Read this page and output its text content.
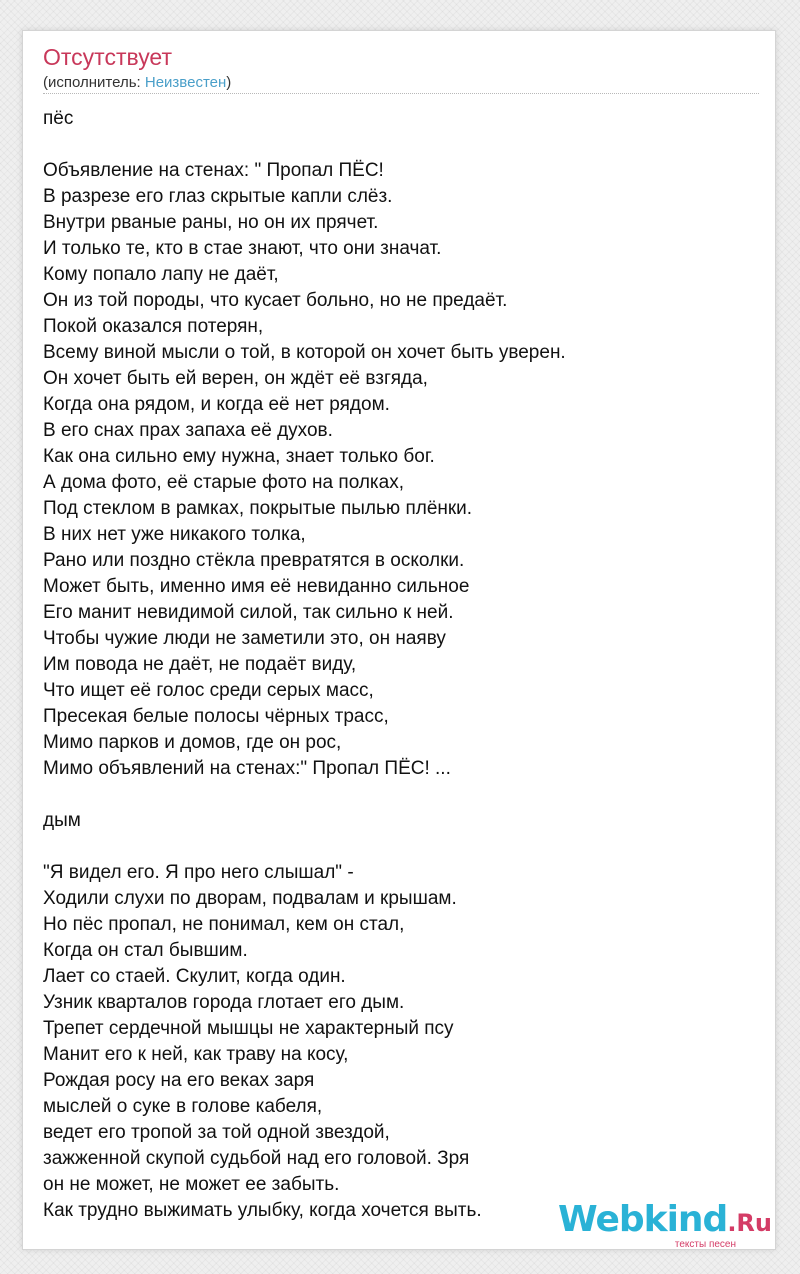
Отсутствует
(исполнитель: Неизвестен)
пёс
Объявление на стенах: " Пропал ПЁС!
В разрезе его глаз скрытые капли слёз.
Внутри рваные раны, но он их прячет.
И только те, кто в стае знают, что они значат.
Кому попало лапу не даёт,
Он из той породы, что кусает больно, но не предаёт.
Покой оказался потерян,
Всему виной мысли о той, в которой он хочет быть уверен.
Он хочет быть ей верен, он ждёт её взгяда,
Когда она рядом, и когда её нет рядом.
В его снах прах запаха её духов.
Как она сильно ему нужна, знает только бог.
А дома фото, её старые фото на полках,
Под стеклом в рамках, покрытые пылью плёнки.
В них нет уже никакого толка,
Рано или поздно стёкла превратятся в осколки.
Может быть, именно имя её невиданно сильное
Его манит невидимой силой, так сильно к ней.
Чтобы чужие люди не заметили это, он наяву
Им повода не даёт, не подаёт виду,
Что ищет её голос среди серых масс,
Пресекая белые полосы чёрных трасс,
Мимо парков и домов, где он рос,
Мимо объявлений на стенах:" Пропал ПЁС! ...
дым
"Я видел его. Я про него слышал" -
Ходили слухи по дворам, подвалам и крышам.
Но пёс пропал, не понимал, кем он стал,
Когда он стал бывшим.
Лает со стаей. Скулит, когда один.
Узник кварталов города глотает его дым.
Трепет сердечной мышцы не характерный псу
Манит его к ней, как траву на косу,
Рождая росу на его веках заря
мыслей о суке в голове кабеля,
ведет его тропой за той одной звездой,
зажженной скупой судьбой над его головой. Зря
он не может, не может ее забыть.
Как трудно выжимать улыбку, когда хочется выть.	Webkind.Ru
тексты песен
